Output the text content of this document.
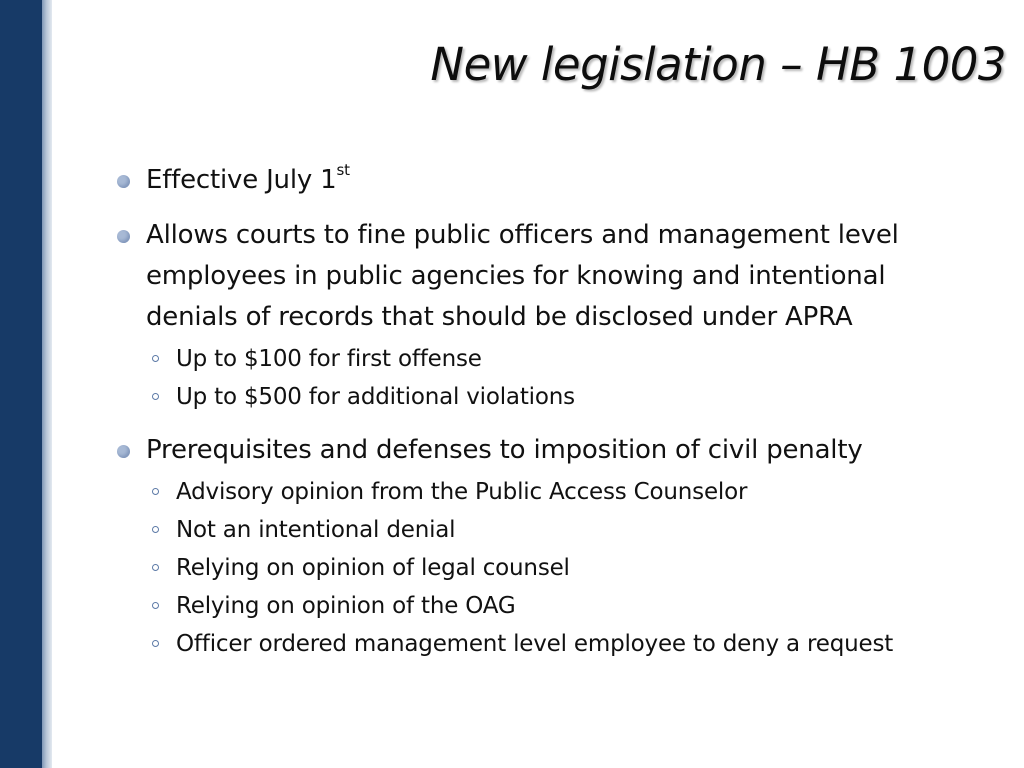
New legislation – HB 1003
Effective July 1st
Allows courts to fine public officers and management level employees in public agencies for knowing and intentional denials of records that should be disclosed under APRA
Up to $100 for first offense
Up to $500 for additional violations
Prerequisites and defenses to imposition of civil penalty
Advisory opinion from the Public Access Counselor
Not an intentional denial
Relying on opinion of legal counsel
Relying on opinion of the OAG
Officer ordered management level employee to deny a request
